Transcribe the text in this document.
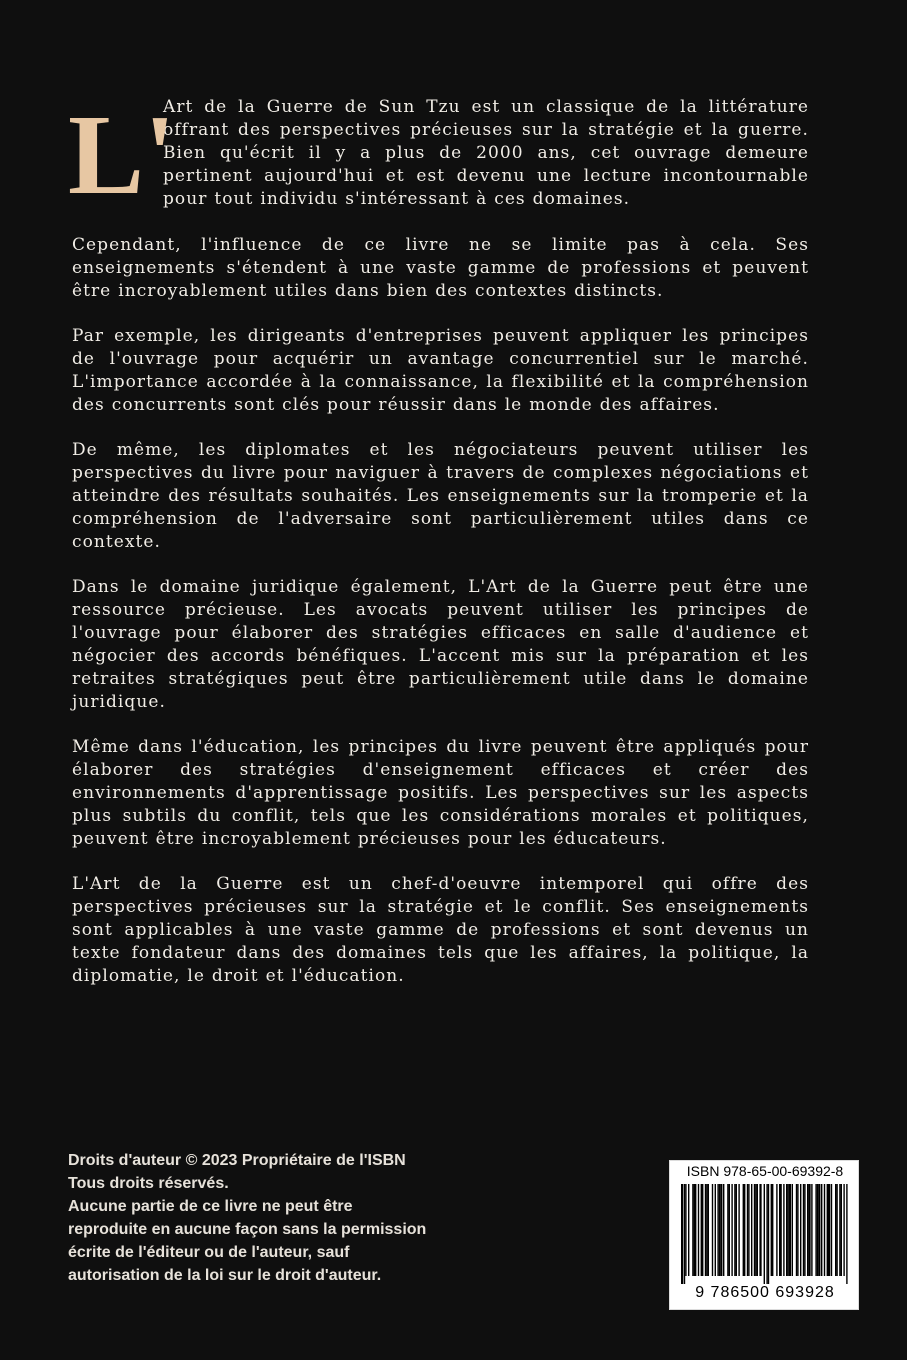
L'

Art de la Guerre de Sun Tzu est un classique de la littérature offrant des perspectives précieuses sur la stratégie et la guerre. Bien qu'écrit il y a plus de 2000 ans, cet ouvrage demeure pertinent aujourd'hui et est devenu une lecture incontournable pour tout individu s'intéressant à ces domaines.

Cependant, l'influence de ce livre ne se limite pas à cela. Ses enseignements s'étendent à une vaste gamme de professions et peuvent être incroyablement utiles dans bien des contextes distincts.

Par exemple, les dirigeants d'entreprises peuvent appliquer les principes de l'ouvrage pour acquérir un avantage concurrentiel sur le marché. L'importance accordée à la connaissance, la flexibilité et la compréhension des concurrents sont clés pour réussir dans le monde des affaires.

De même, les diplomates et les négociateurs peuvent utiliser les perspectives du livre pour naviguer à travers de complexes négociations et atteindre des résultats souhaités. Les enseignements sur la tromperie et la compréhension de l'adversaire sont particulièrement utiles dans ce contexte.

Dans le domaine juridique également, L'Art de la Guerre peut être une ressource précieuse. Les avocats peuvent utiliser les principes de l'ouvrage pour élaborer des stratégies efficaces en salle d'audience et négocier des accords bénéfiques. L'accent mis sur la préparation et les retraites stratégiques peut être particulièrement utile dans le domaine juridique.

Même dans l'éducation, les principes du livre peuvent être appliqués pour élaborer des stratégies d'enseignement efficaces et créer des environnements d'apprentissage positifs. Les perspectives sur les aspects plus subtils du conflit, tels que les considérations morales et politiques, peuvent être incroyablement précieuses pour les éducateurs.

L'Art de la Guerre est un chef-d'oeuvre intemporel qui offre des perspectives précieuses sur la stratégie et le conflit. Ses enseignements sont applicables à une vaste gamme de professions et sont devenus un texte fondateur dans des domaines tels que les affaires, la politique, la diplomatie, le droit et l'éducation.

Droits d'auteur © 2023 Propriétaire de l'ISBN
Tous droits réservés.
Aucune partie de ce livre ne peut être
reproduite en aucune façon sans la permission
écrite de l'éditeur ou de l'auteur, sauf
autorisation de la loi sur le droit d'auteur.
ISBN 978-65-00-69392-8
9 786500 693928
